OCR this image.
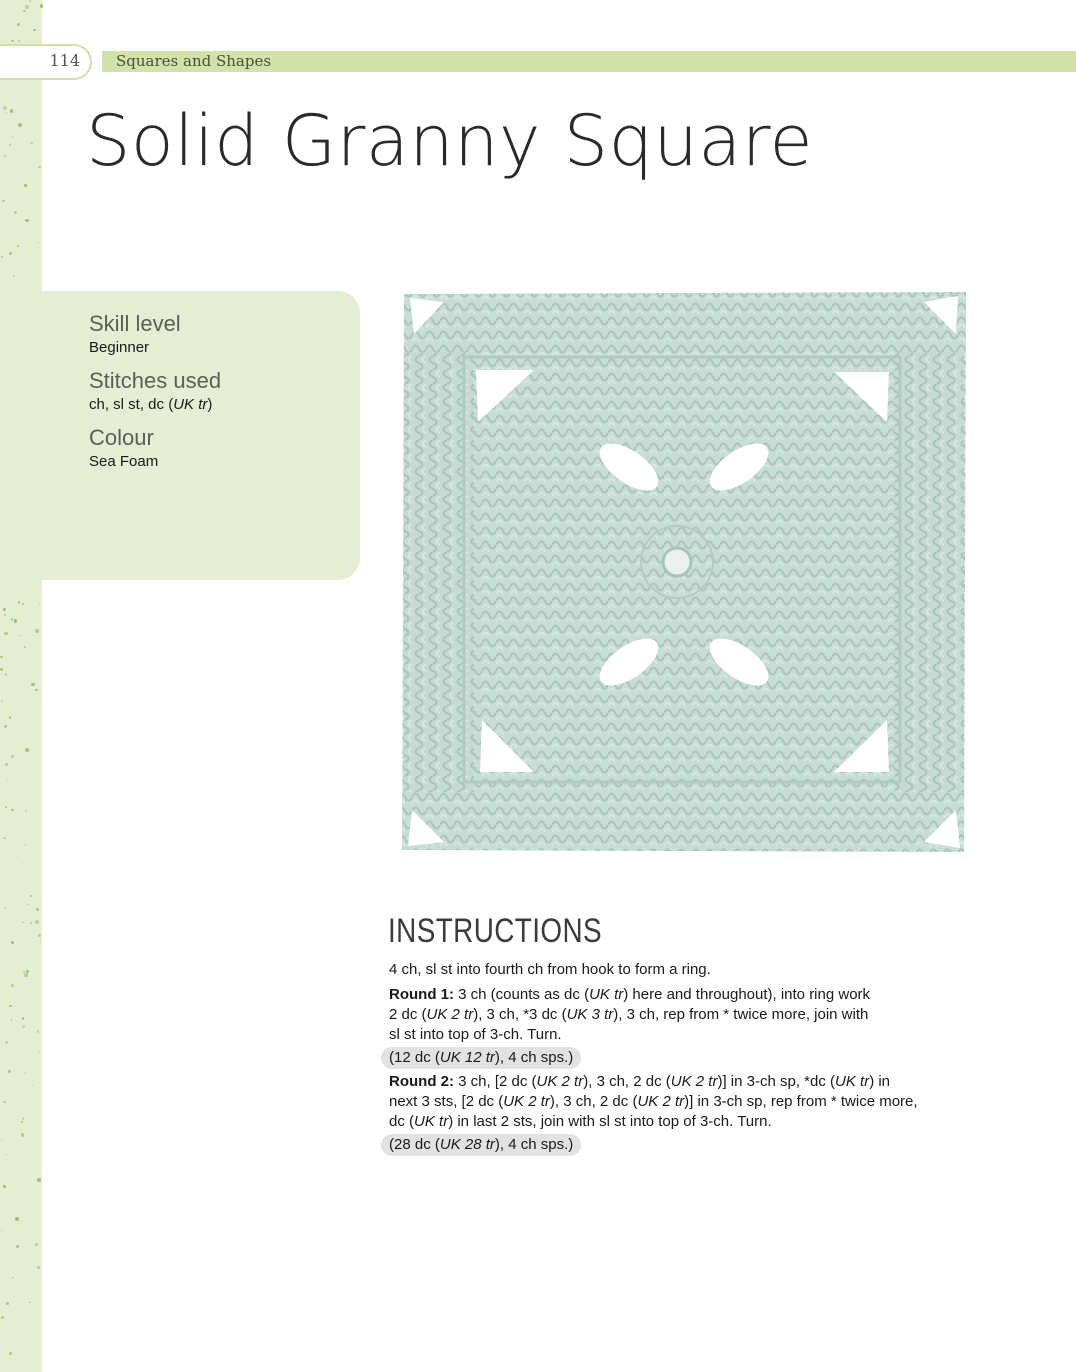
114 Squares and Shapes
Solid Granny Square
Skill level
Beginner
Stitches used
ch, sl st, dc (UK tr)
Colour
Sea Foam
INSTRUCTIONS

4 ch, sl st into fourth ch from hook to form a ring.

Round 1: 3 ch (counts as dc (UK tr) here and throughout), into ring work
2 dc (UK 2 tr), 3 ch, *3 dc (UK 3 tr), 3 ch, rep from * twice more, join with
sl st into top of 3-ch. Turn.

(12 dc (UK 12 tr), 4 ch sps.)

Round 2: 3 ch, [2 dc (UK 2 tr), 3 ch, 2 dc (UK 2 tr)] in 3-ch sp, *dc (UK tr) in
next 3 sts, [2 dc (UK 2 tr), 3 ch, 2 dc (UK 2 tr)] in 3-ch sp, rep from * twice more,
dc (UK tr) in last 2 sts, join with sl st into top of 3-ch. Turn.

(28 dc (UK 28 tr), 4 ch sps.)
